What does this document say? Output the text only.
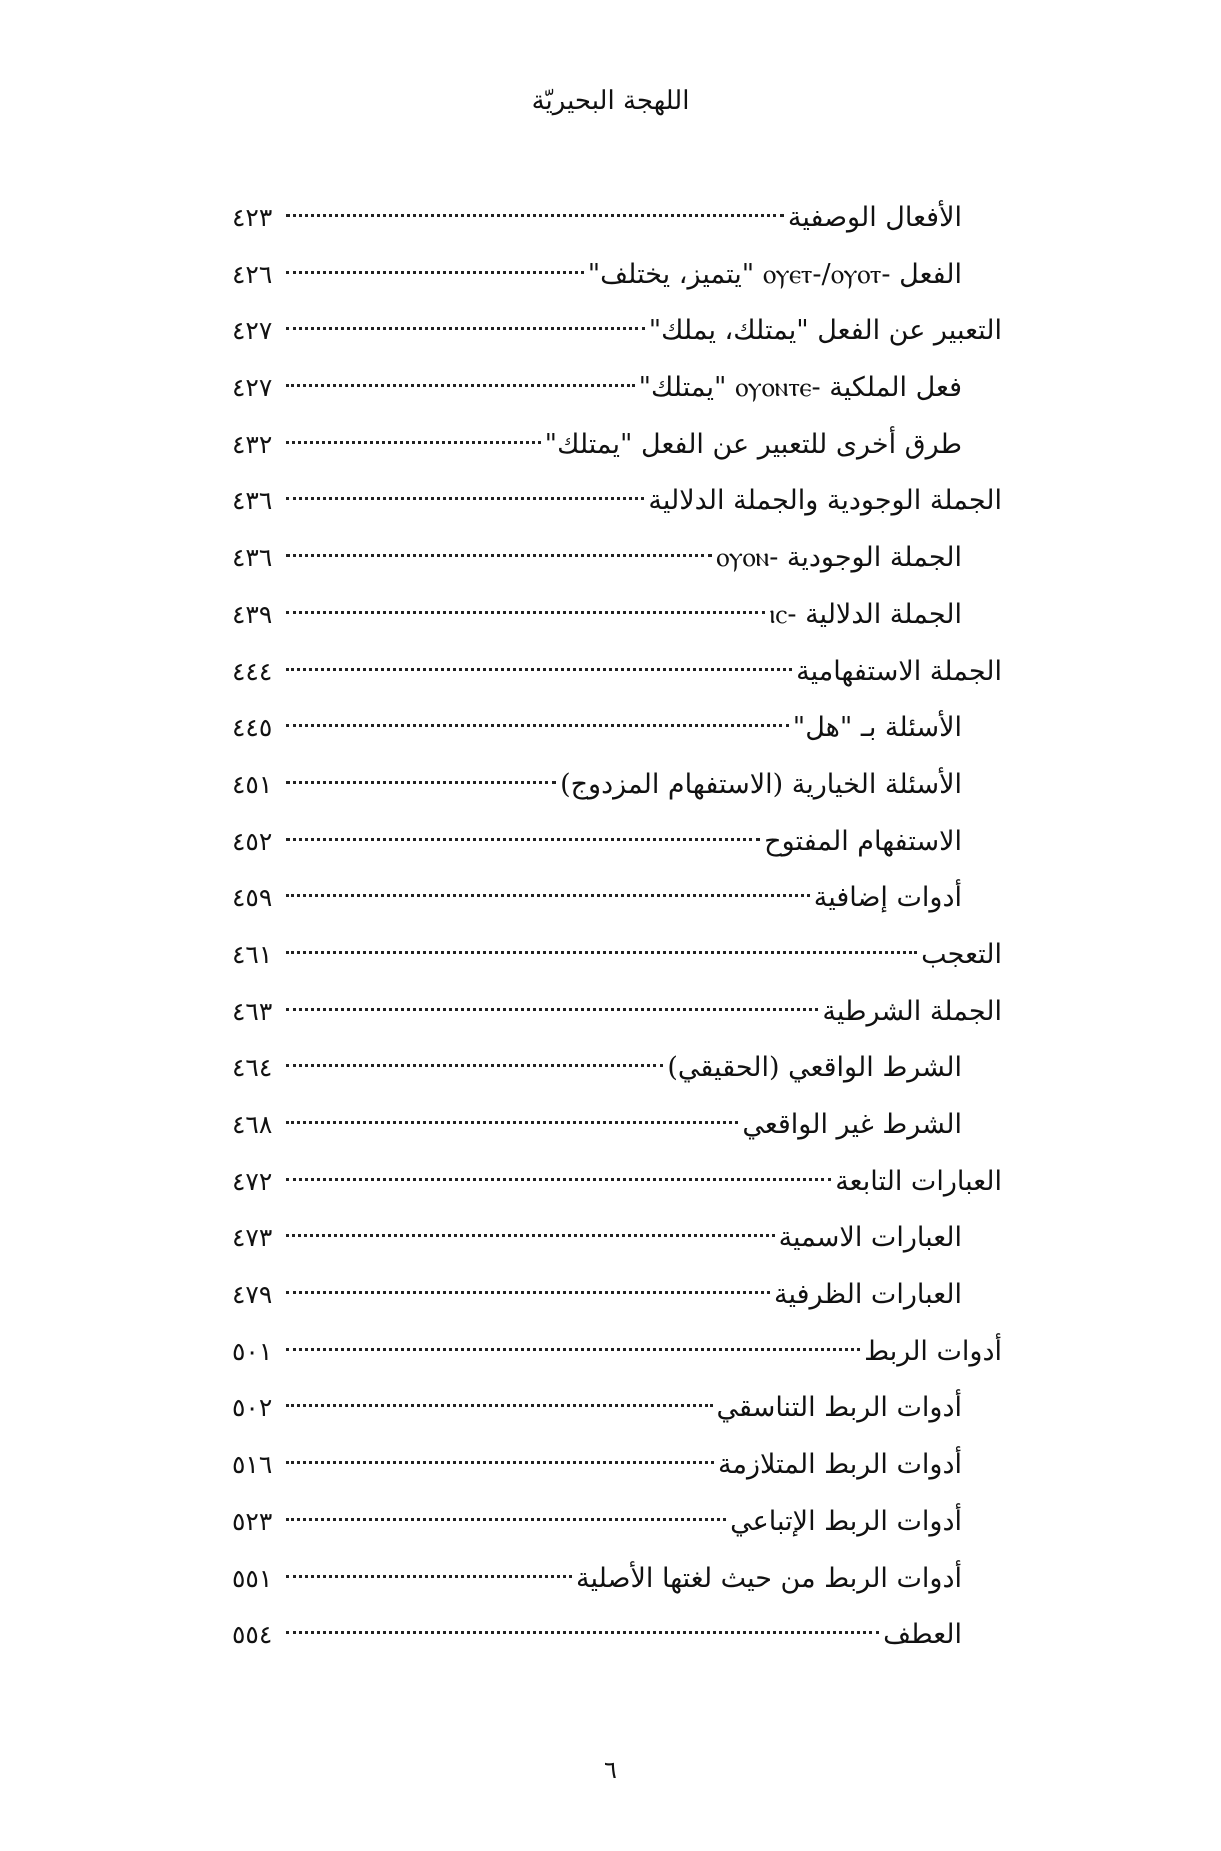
اللهجة البحيريّة
الأفعال الوصفية
٤٢٣
الفعل -ⲟⲩⲉⲧ-/ⲟⲩⲟⲧ "يتميز، يختلف"
٤٢٦
التعبير عن الفعل "يمتلك، يملك"
٤٢٧
فعل الملكية -ⲟⲩⲟⲛⲧⲉ "يمتلك"
٤٢٧
طرق أخرى للتعبير عن الفعل "يمتلك"
٤٣٢
الجملة الوجودية والجملة الدلالية
٤٣٦
الجملة الوجودية -ⲟⲩⲟⲛ
٤٣٦
الجملة الدلالية -ⲓⲥ
٤٣٩
الجملة الاستفهامية
٤٤٤
الأسئلة بـ "هل"
٤٤٥
الأسئلة الخيارية (الاستفهام المزدوج)
٤٥١
الاستفهام المفتوح
٤٥٢
أدوات إضافية
٤٥٩
التعجب
٤٦١
الجملة الشرطية
٤٦٣
الشرط الواقعي (الحقيقي)
٤٦٤
الشرط غير الواقعي
٤٦٨
العبارات التابعة
٤٧٢
العبارات الاسمية
٤٧٣
العبارات الظرفية
٤٧٩
أدوات الربط
٥٠١
أدوات الربط التناسقي
٥٠٢
أدوات الربط المتلازمة
٥١٦
أدوات الربط الإتباعي
٥٢٣
أدوات الربط من حيث لغتها الأصلية
٥٥١
العطف
٥٥٤
٦
